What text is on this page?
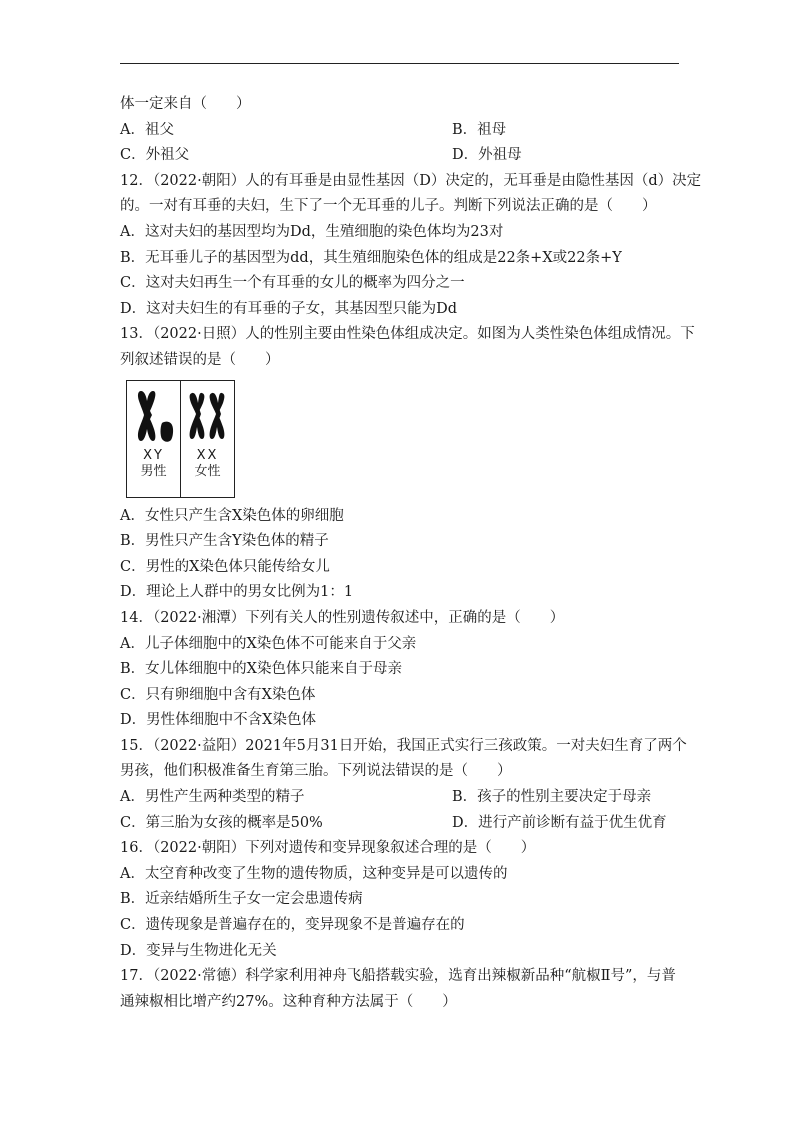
体一定来自（　　）
A．祖父	B．祖母
C．外祖父	D．外祖母
12．（2022·朝阳）人的有耳垂是由显性基因（D）决定的，无耳垂是由隐性基因（d）决定
的。一对有耳垂的夫妇，生下了一个无耳垂的儿子。判断下列说法正确的是（　　）
A．这对夫妇的基因型均为Dd，生殖细胞的染色体均为23对
B．无耳垂儿子的基因型为dd，其生殖细胞染色体的组成是22条+X或22条+Y
C．这对夫妇再生一个有耳垂的女儿的概率为四分之一
D．这对夫妇生的有耳垂的子女，其基因型只能为Dd
13．（2022·日照）人的性别主要由性染色体组成决定。如图为人类性染色体组成情况。下
列叙述错误的是（　　）
XY
男性
XX
女性
A．女性只产生含X染色体的卵细胞
B．男性只产生含Y染色体的精子
C．男性的X染色体只能传给女儿
D．理论上人群中的男女比例为1：1
14．（2022·湘潭）下列有关人的性别遗传叙述中，正确的是（　　）
A．儿子体细胞中的X染色体不可能来自于父亲
B．女儿体细胞中的X染色体只能来自于母亲
C．只有卵细胞中含有X染色体
D．男性体细胞中不含X染色体
15．（2022·益阳）2021年5月31日开始，我国正式实行三孩政策。一对夫妇生育了两个
男孩，他们积极准备生育第三胎。下列说法错误的是（　　）
A．男性产生两种类型的精子	B．孩子的性别主要决定于母亲
C．第三胎为女孩的概率是50%	D．进行产前诊断有益于优生优育
16．（2022·朝阳）下列对遗传和变异现象叙述合理的是（　　）
A．太空育种改变了生物的遗传物质，这种变异是可以遗传的
B．近亲结婚所生子女一定会患遗传病
C．遗传现象是普遍存在的，变异现象不是普遍存在的
D．变异与生物进化无关
17．（2022·常德）科学家利用神舟飞船搭载实验，选育出辣椒新品种“航椒Ⅱ号”，与普
通辣椒相比增产约27%。这种育种方法属于（　　）
